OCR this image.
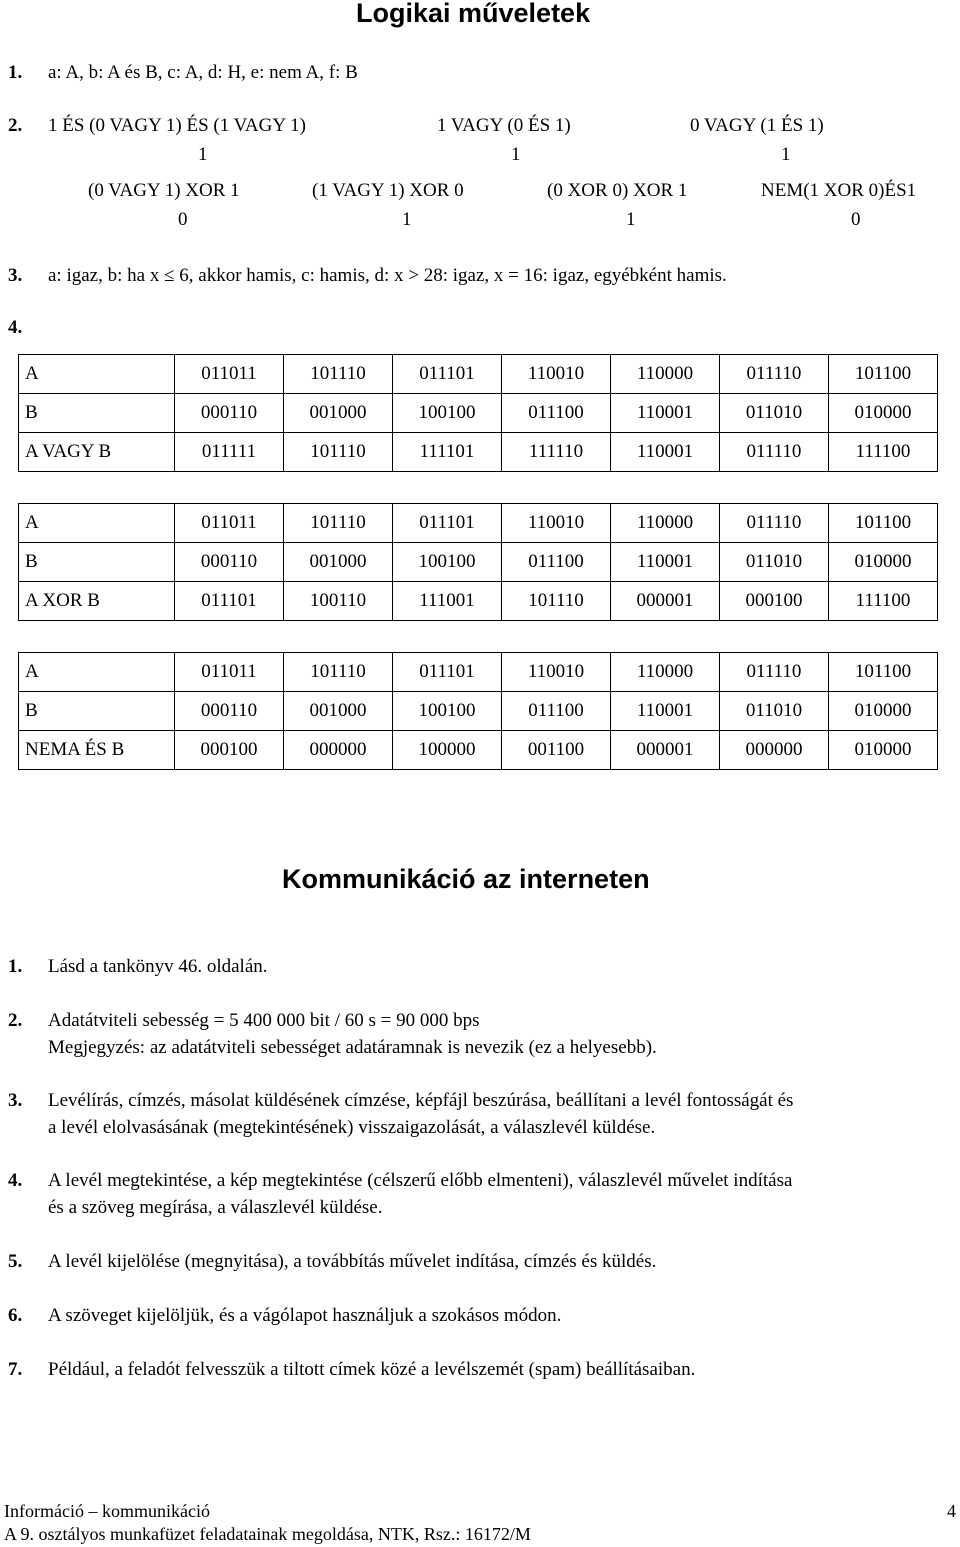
Logikai műveletek
1. a: A, b: A és B, c: A, d: H, e: nem A, f: B
2. 1 ÉS (0 VAGY 1) ÉS (1 VAGY 1)
1
1 VAGY (0 ÉS 1)
1
0 VAGY (1 ÉS 1)
1
(0 VAGY 1) XOR 1
0
(1 VAGY 1) XOR 0
1
(0 XOR 0) XOR 1
1
NEM(1 XOR 0)ÉS1
0
3. a: igaz, b: ha x ≤ 6, akkor hamis, c: hamis, d: x > 28: igaz, x = 16: igaz, egyébként hamis.
4.
A	011011	101110	011101	110010	110000	011110	101100
B	000110	001000	100100	011100	110001	011010	010000
A VAGY B	011111	101110	111101	111110	110001	011110	111100
A	011011	101110	011101	110010	110000	011110	101100
B	000110	001000	100100	011100	110001	011010	010000
A XOR B	011101	100110	111001	101110	000001	000100	111100
A	011011	101110	011101	110010	110000	011110	101100
B	000110	001000	100100	011100	110001	011010	010000
NEMA ÉS B	000100	000000	100000	001100	000001	000000	010000
Kommunikáció az interneten
1. Lásd a tankönyv 46. oldalán.
2. Adatátviteli sebesség = 5 400 000 bit / 60 s = 90 000 bps
Megjegyzés: az adatátviteli sebességet adatáramnak is nevezik (ez a helyesebb).
3. Levélírás, címzés, másolat küldésének címzése, képfájl beszúrása, beállítani a levél fontosságát és
a levél elolvasásának (megtekintésének) visszaigazolását, a válaszlevél küldése.
4. A levél megtekintése, a kép megtekintése (célszerű előbb elmenteni), válaszlevél művelet indítása
és a szöveg megírása, a válaszlevél küldése.
5. A levél kijelölése (megnyitása), a továbbítás művelet indítása, címzés és küldés.
6. A szöveget kijelöljük, és a vágólapot használjuk a szokásos módon.
7. Például, a feladót felvesszük a tiltott címek közé a levélszemét (spam) beállításaiban.
Információ – kommunikáció	4
A 9. osztályos munkafüzet feladatainak megoldása, NTK, Rsz.: 16172/M
